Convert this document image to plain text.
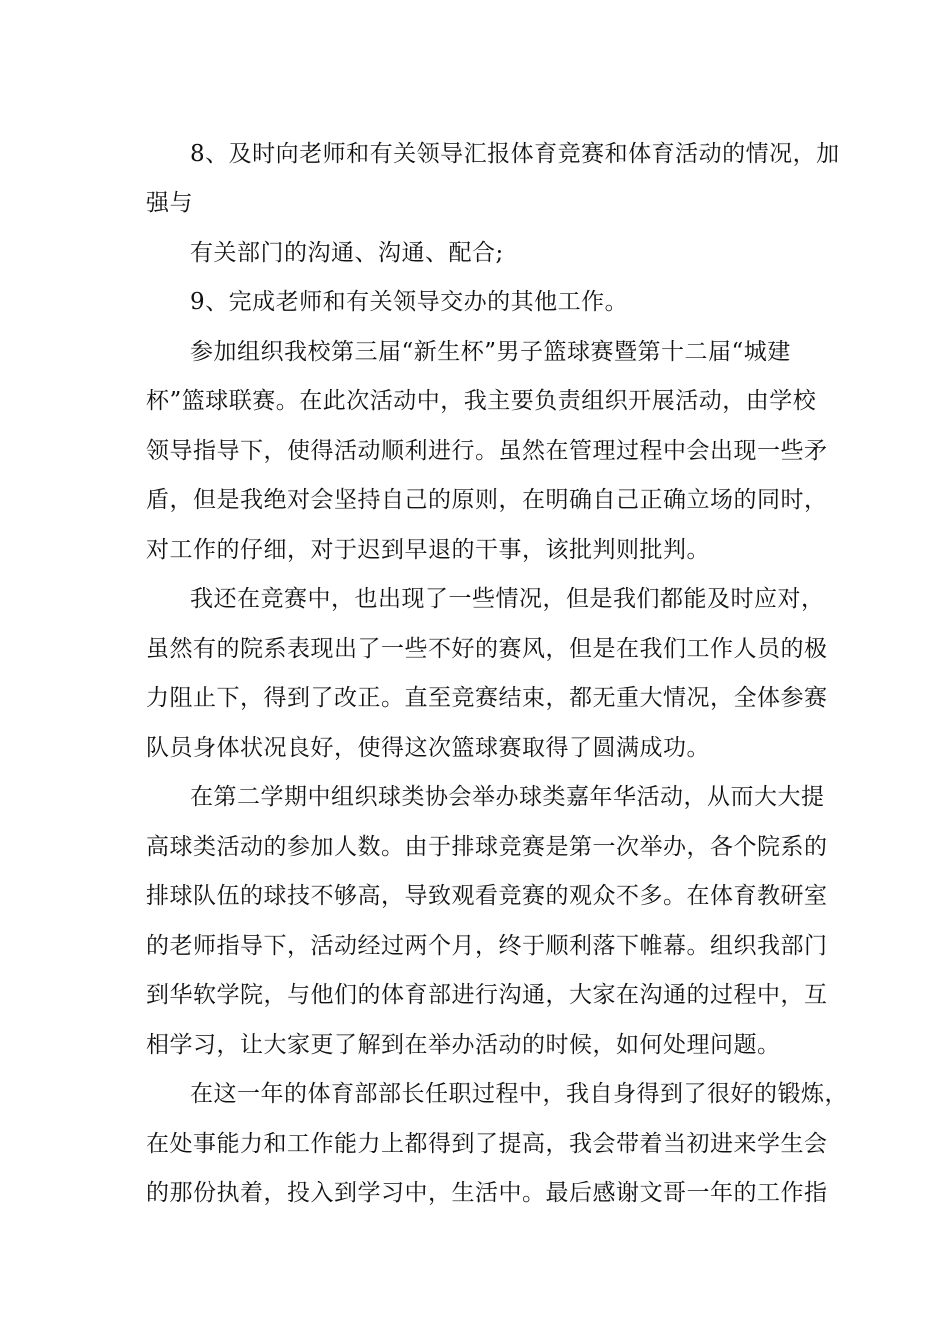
8、及时向老师和有关领导汇报体育竞赛和体育活动的情况，加
强与
有关部门的沟通、沟通、配合;
9、完成老师和有关领导交办的其他工作。
参加组织我校第三届“新生杯”男子篮球赛暨第十二届“城建
杯”篮球联赛。在此次活动中，我主要负责组织开展活动，由学校
领导指导下，使得活动顺利进行。虽然在管理过程中会出现一些矛
盾，但是我绝对会坚持自己的原则，在明确自己正确立场的同时，
对工作的仔细，对于迟到早退的干事，该批判则批判。
我还在竞赛中，也出现了一些情况，但是我们都能及时应对，
虽然有的院系表现出了一些不好的赛风，但是在我们工作人员的极
力阻止下，得到了改正。直至竞赛结束，都无重大情况，全体参赛
队员身体状况良好，使得这次篮球赛取得了圆满成功。
在第二学期中组织球类协会举办球类嘉年华活动，从而大大提
高球类活动的参加人数。由于排球竞赛是第一次举办，各个院系的
排球队伍的球技不够高，导致观看竞赛的观众不多。在体育教研室
的老师指导下，活动经过两个月，终于顺利落下帷幕。组织我部门
到华软学院，与他们的体育部进行沟通，大家在沟通的过程中，互
相学习，让大家更了解到在举办活动的时候，如何处理问题。
在这一年的体育部部长任职过程中，我自身得到了很好的锻炼，
在处事能力和工作能力上都得到了提高，我会带着当初进来学生会
的那份执着，投入到学习中，生活中。最后感谢文哥一年的工作指
